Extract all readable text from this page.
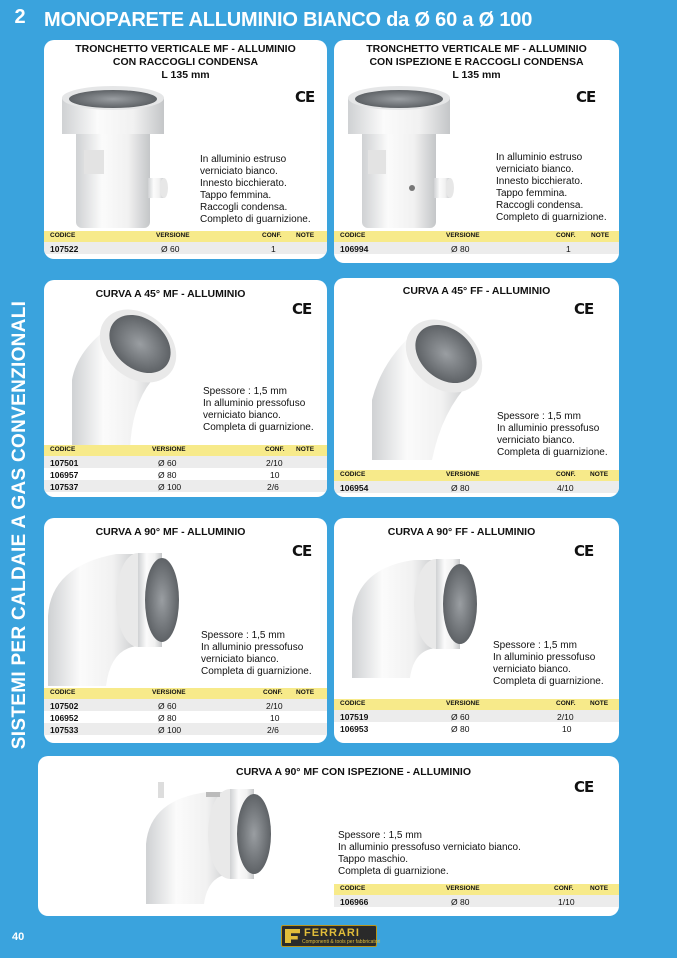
2
SISTEMI PER CALDAIE A GAS CONVENZIONALI
40
MONOPARETE ALLUMINIO BIANCO da Ø 60 a Ø 100
TRONCHETTO VERTICALE MF - ALLUMINIO
CON RACCOGLI CONDENSA
L 135 mm
CE
In alluminio estruso
verniciato bianco.
Innesto bicchierato.
Tappo femmina.
Raccogli condensa.
Completo di guarnizione.
CODICE	VERSIONE	CONF. NOTE
107522	Ø 60	1
TRONCHETTO VERTICALE MF - ALLUMINIO
CON ISPEZIONE E RACCOGLI CONDENSA
L 135 mm
CE
In alluminio estruso
verniciato bianco.
Innesto bicchierato.
Tappo femmina.
Raccogli condensa.
Completo di guarnizione.
CODICE	VERSIONE	CONF. NOTE
106994	Ø 80	1
CURVA A 45° MF - ALLUMINIO
CE
Spessore : 1,5 mm
In alluminio pressofuso
verniciato bianco.
Completa di guarnizione.
CODICE	VERSIONE	CONF. NOTE
107501	Ø 60	2/10
106957	Ø 80	10
107537	Ø 100	2/6
CURVA A 45° FF - ALLUMINIO
CE
Spessore : 1,5 mm
In alluminio pressofuso
verniciato bianco.
Completa di guarnizione.
CODICE	VERSIONE	CONF. NOTE
106954	Ø 80	4/10
CURVA A 90° MF - ALLUMINIO
CE
Spessore : 1,5 mm
In alluminio pressofuso
verniciato bianco.
Completa di guarnizione.
CODICE	VERSIONE	CONF. NOTE
107502	Ø 60	2/10
106952	Ø 80	10
107533	Ø 100	2/6
CURVA A 90° FF - ALLUMINIO
CE
Spessore : 1,5 mm
In alluminio pressofuso
verniciato bianco.
Completa di guarnizione.
CODICE	VERSIONE	CONF. NOTE
107519	Ø 60	2/10
106953	Ø 80	10
CURVA A 90° MF CON ISPEZIONE - ALLUMINIO
CE
Spessore : 1,5 mm
In alluminio pressofuso verniciato bianco.
Tappo maschio.
Completa di guarnizione.
CODICE	VERSIONE	CONF.	NOTE
106966	Ø 80	1/10
FERRARI
Componenti & tools per fabbricatori
